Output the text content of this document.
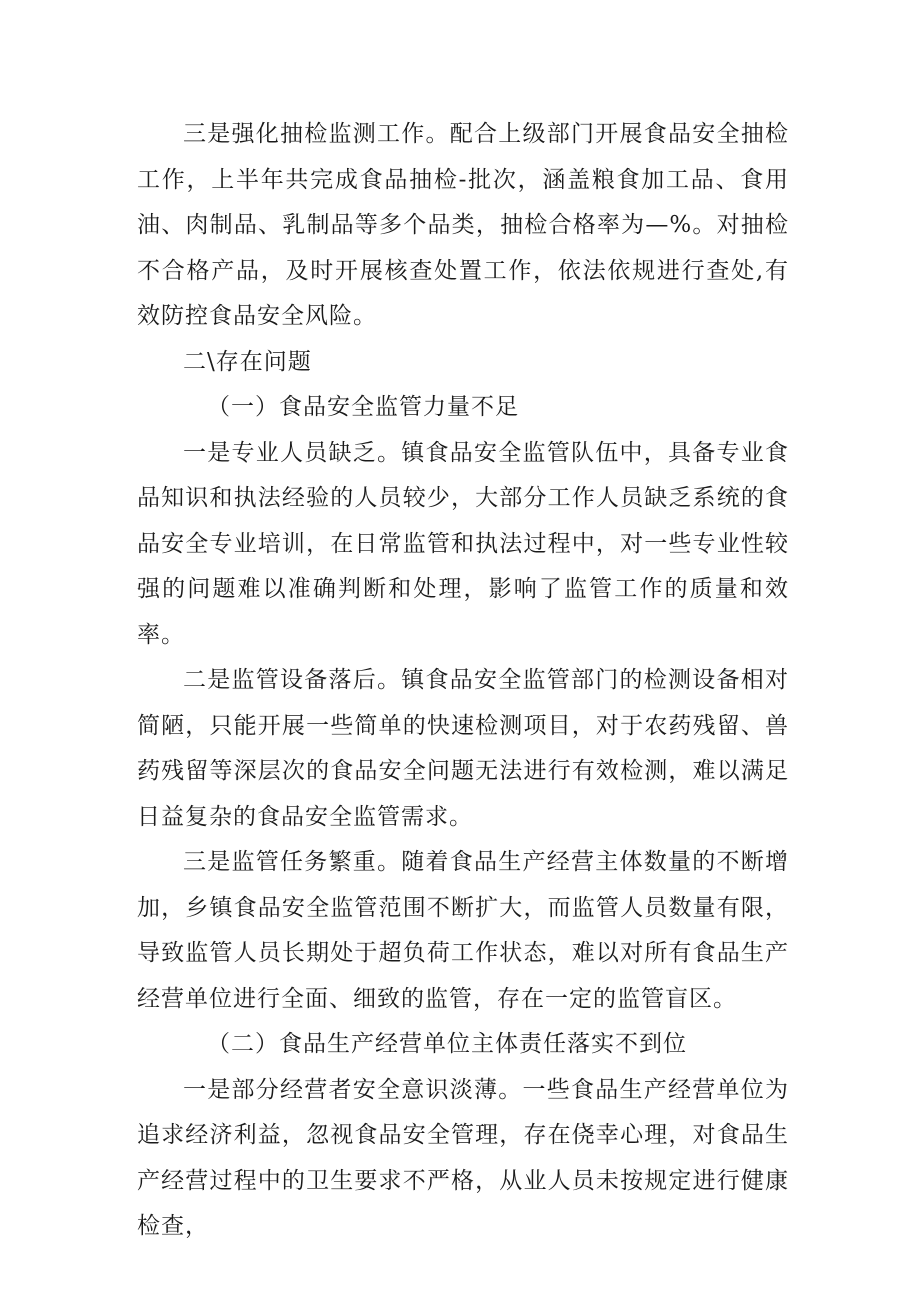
三是强化抽检监测工作。配合上级部门开展食品安全抽检工作，上半年共完成食品抽检-批次，涵盖粮食加工品、食用油、肉制品、乳制品等多个品类，抽检合格率为—%。对抽检不合格产品，及时开展核查处置工作，依法依规进行查处,有效防控食品安全风险。

二\存在问题

（一）食品安全监管力量不足

一是专业人员缺乏。镇食品安全监管队伍中，具备专业食品知识和执法经验的人员较少，大部分工作人员缺乏系统的食品安全专业培训，在日常监管和执法过程中，对一些专业性较强的问题难以准确判断和处理，影响了监管工作的质量和效率。

二是监管设备落后。镇食品安全监管部门的检测设备相对简陋，只能开展一些简单的快速检测项目，对于农药残留、兽药残留等深层次的食品安全问题无法进行有效检测，难以满足日益复杂的食品安全监管需求。

三是监管任务繁重。随着食品生产经营主体数量的不断增加，乡镇食品安全监管范围不断扩大，而监管人员数量有限，导致监管人员长期处于超负荷工作状态，难以对所有食品生产经营单位进行全面、细致的监管，存在一定的监管盲区。

（二）食品生产经营单位主体责任落实不到位

一是部分经营者安全意识淡薄。一些食品生产经营单位为追求经济利益，忽视食品安全管理，存在侥幸心理，对食品生产经营过程中的卫生要求不严格，从业人员未按规定进行健康检查，
